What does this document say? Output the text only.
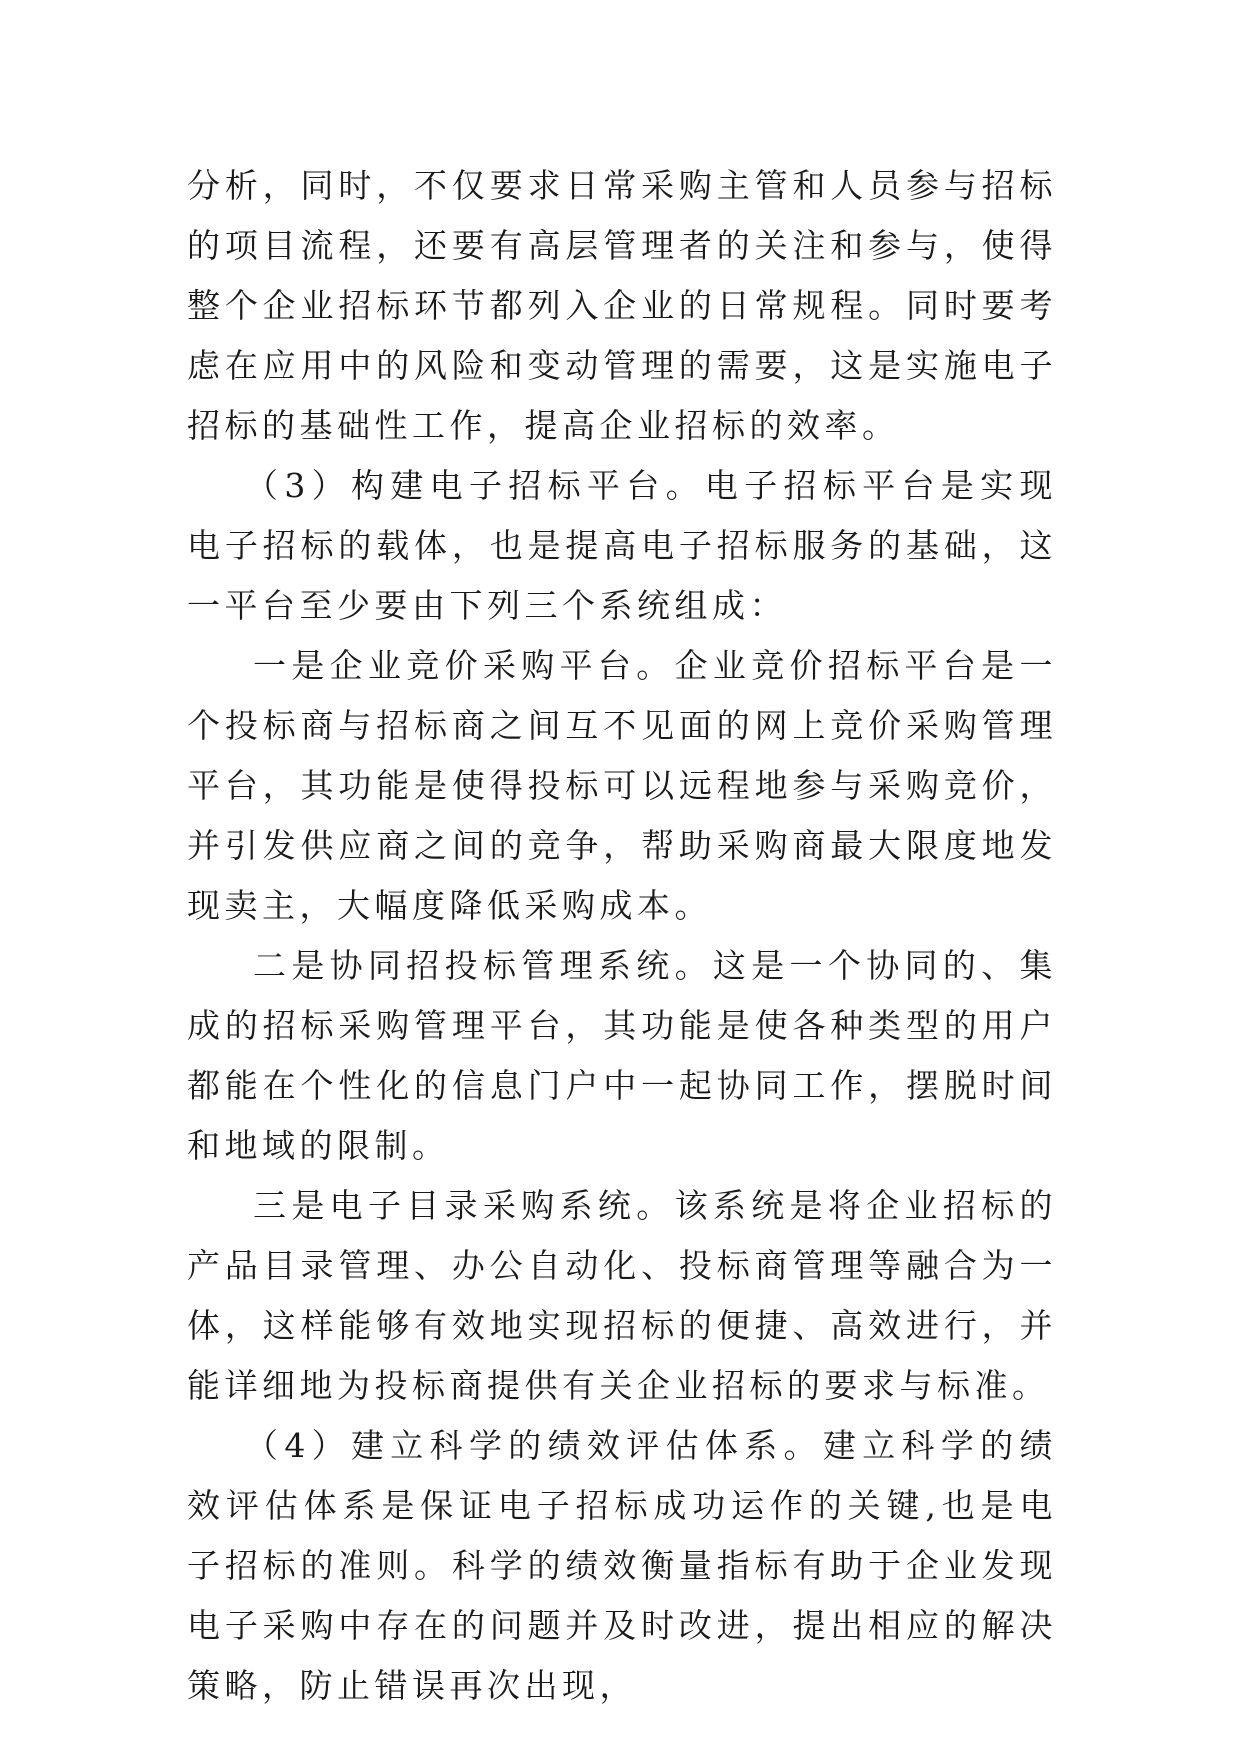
分析，同时，不仅要求日常采购主管和人员参与招标的项目流程，还要有高层管理者的关注和参与，使得整个企业招标环节都列入企业的日常规程。同时要考虑在应用中的风险和变动管理的需要，这是实施电子招标的基础性工作，提高企业招标的效率。

（3）构建电子招标平台。电子招标平台是实现电子招标的载体，也是提高电子招标服务的基础，这一平台至少要由下列三个系统组成：

一是企业竞价采购平台。企业竞价招标平台是一个投标商与招标商之间互不见面的网上竞价采购管理平台，其功能是使得投标可以远程地参与采购竞价，并引发供应商之间的竞争，帮助采购商最大限度地发现卖主，大幅度降低采购成本。

二是协同招投标管理系统。这是一个协同的、集成的招标采购管理平台，其功能是使各种类型的用户都能在个性化的信息门户中一起协同工作，摆脱时间和地域的限制。

三是电子目录采购系统。该系统是将企业招标的产品目录管理、办公自动化、投标商管理等融合为一体，这样能够有效地实现招标的便捷、高效进行，并能详细地为投标商提供有关企业招标的要求与标准。

（4）建立科学的绩效评估体系。建立科学的绩效评估体系是保证电子招标成功运作的关键,也是电子招标的准则。科学的绩效衡量指标有助于企业发现电子采购中存在的问题并及时改进，提出相应的解决策略，防止错误再次出现，
